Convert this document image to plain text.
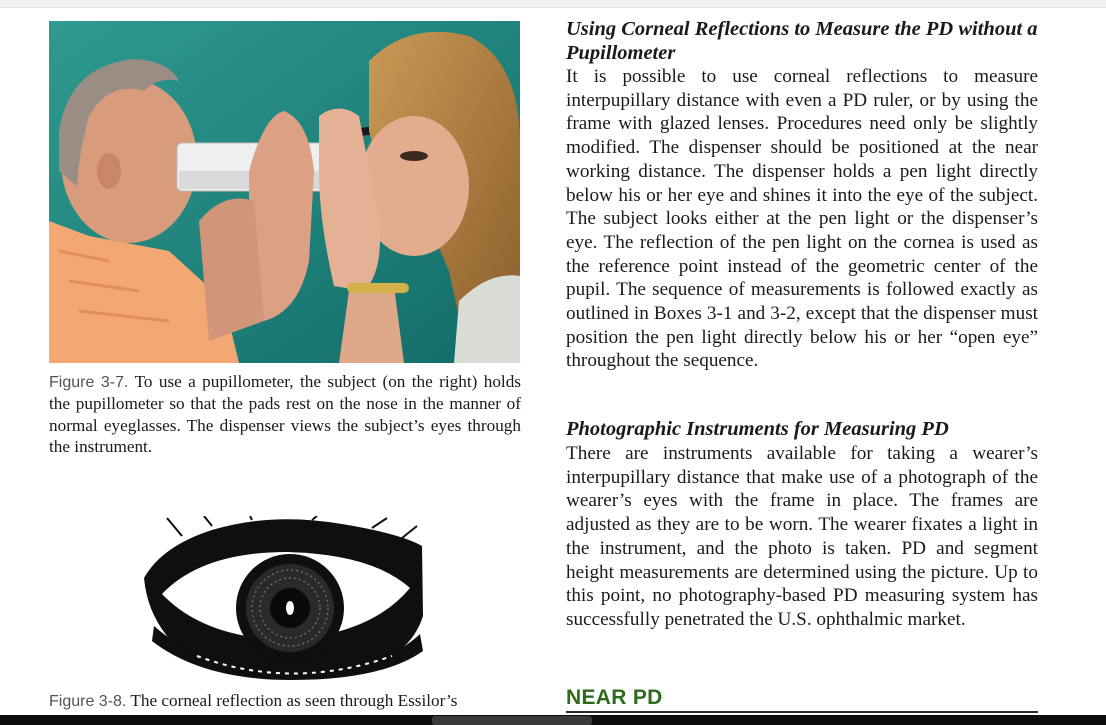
Figure 3-7. To use a pupillometer, the subject (on the right) holds the pupillometer so that the pads rest on the nose in the manner of normal eyeglasses. The dispenser views the subject’s eyes through the instrument.
Figure 3-8. The corneal reflection as seen through Essilor’s
Using Corneal Reflections to Measure the PD without a Pupillometer
It is possible to use corneal reflections to measure interpupillary distance with even a PD ruler, or by using the frame with glazed lenses. Procedures need only be slightly modified. The dispenser should be positioned at the near working distance. The dispenser holds a pen light directly below his or her eye and shines it into the eye of the subject. The subject looks either at the pen light or the dispenser’s eye. The reflection of the pen light on the cornea is used as the reference point instead of the geometric center of the pupil. The sequence of measurements is followed exactly as outlined in Boxes 3-1 and 3-2, except that the dispenser must position the pen light directly below his or her “open eye” throughout the sequence.
Photographic Instruments for Measuring PD
There are instruments available for taking a wearer’s interpupillary distance that make use of a photograph of the wearer’s eyes with the frame in place. The frames are adjusted as they are to be worn. The wearer fixates a light in the instrument, and the photo is taken. PD and segment height measurements are determined using the picture. Up to this point, no photography-based PD measuring system has successfully penetrated the U.S. ophthalmic market.
NEAR PD
